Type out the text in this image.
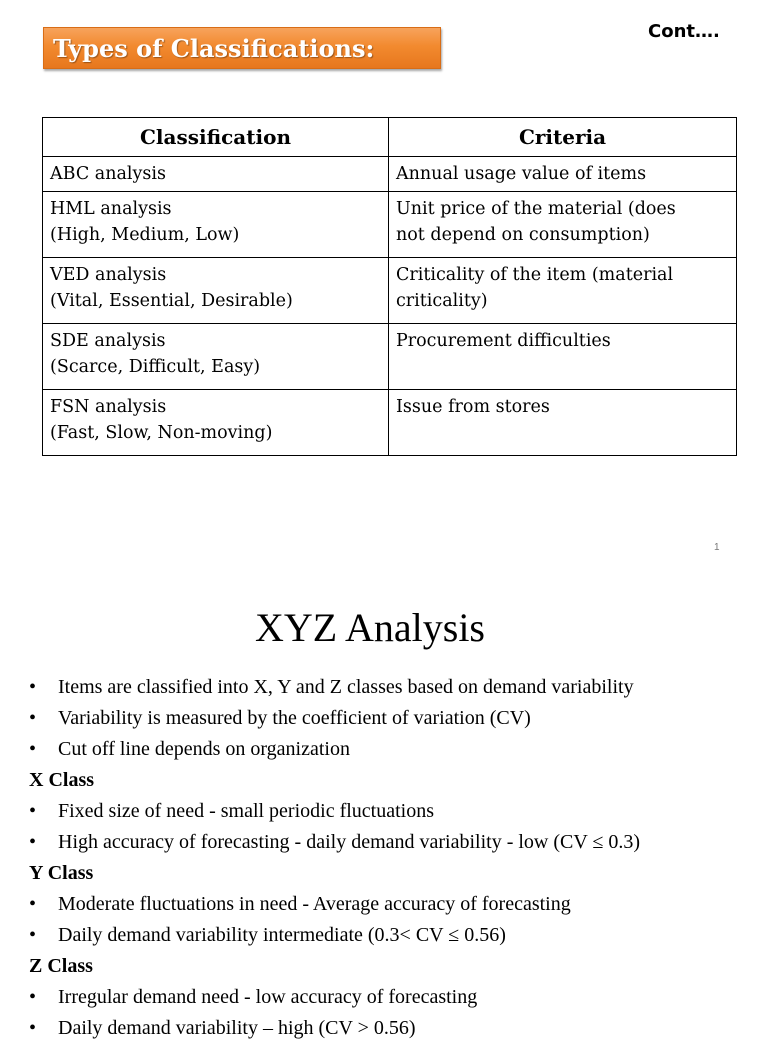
Types of Classifications:
Cont….
Classification	Criteria

ABC analysis	Annual usage value of items

HML analysis
(High, Medium, Low)	Unit price of the material (does
not depend on consumption)

VED analysis
(Vital, Essential, Desirable)	Criticality of the item (material
criticality)

SDE analysis
(Scarce, Difficult, Easy)	Procurement difficulties

FSN analysis
(Fast, Slow, Non-moving)	Issue from stores
1
XYZ Analysis
•	Items are classified into X, Y and Z classes based on demand variability
•	Variability is measured by the coefficient of variation (CV)
•	Cut off line depends on organization
X Class
•	Fixed size of need - small periodic fluctuations
•	High accuracy of forecasting - daily demand variability - low (CV ≤ 0.3)
Y Class
•	Moderate fluctuations in need - Average accuracy of forecasting
•	Daily demand variability intermediate (0.3< CV ≤ 0.56)
Z Class
•	Irregular demand need - low accuracy of forecasting
•	Daily demand variability – high (CV > 0.56)
